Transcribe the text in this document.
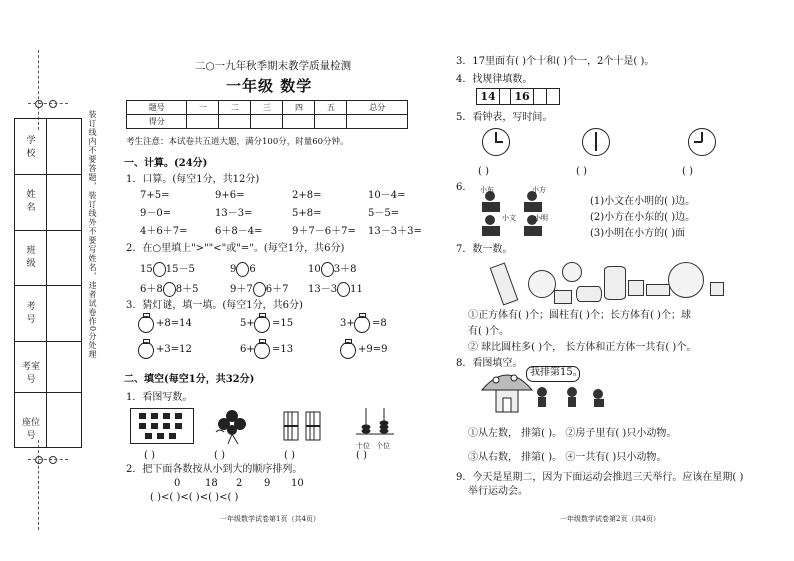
学　校
姓　名
班　级
考　号
考室号
座位号
装订线内不要答题，装订线外不要写姓名，违者试卷作0分处理
二○一九年秋季期末教学质量检测
一年级 数学
题号	一	二	三	四	五	总分
得分						
考生注意：本试卷共五道大题，满分100分，时量60分钟。
一、计算。(24分)
1．口算。(每空1分，共12分)
7+5=	9+6=	2+8=	10－4=
9－0=	13－3=	5+8=	5－5=
4＋6＋7=	6＋8－4=	9＋7－6＋7= 13－3＋3=
2．在○里填上">""<"或"="。(每空1分，共6分)
15 15－5	9 6	10 3＋8
6＋8 8＋5	9＋7 6＋7 13－3 11
3．猜灯谜，填一填。(每空1分，共6分)
+8=14	5+ =15	3+ =8
+3=12	6+ =13	+9=9
二、填空(每空1分，共32分)
1．看图写数。
十位 个位
( )	( )	( )	( )
2．把下面各数按从小到大的顺序排列。
0 18 2 9 10
( )<( )<( )<( )<( )
一年级数学试卷第1页（共4页）
3．17里面有( )个十和( )个一，2个十是( )。
4．找规律填数。
14	16
5．看钟表，写时间。
( )	( )	( )
6． 小东	小方
小文	小明
(1)小文在小明的( )边。
(2)小方在小东的( )边。
(3)小明在小方的( )面
7．数一数。
①正方体有( )个；圆柱有( )个；长方体有( )个；球
有( )个。
② 球比圆柱多( )个， 长方体和正方体一共有( )个。
8．看图填空。
我排第15。
①从左数， 排第( )。 ②房子里有( )只小动物。
③从右数， 排第( )。 ④一共有( )只小动物。
9．今天是星期二，因为下面运动会推迟三天举行。应该在星期( )
举行运动会。
一年级数学试卷第2页（共4页）
